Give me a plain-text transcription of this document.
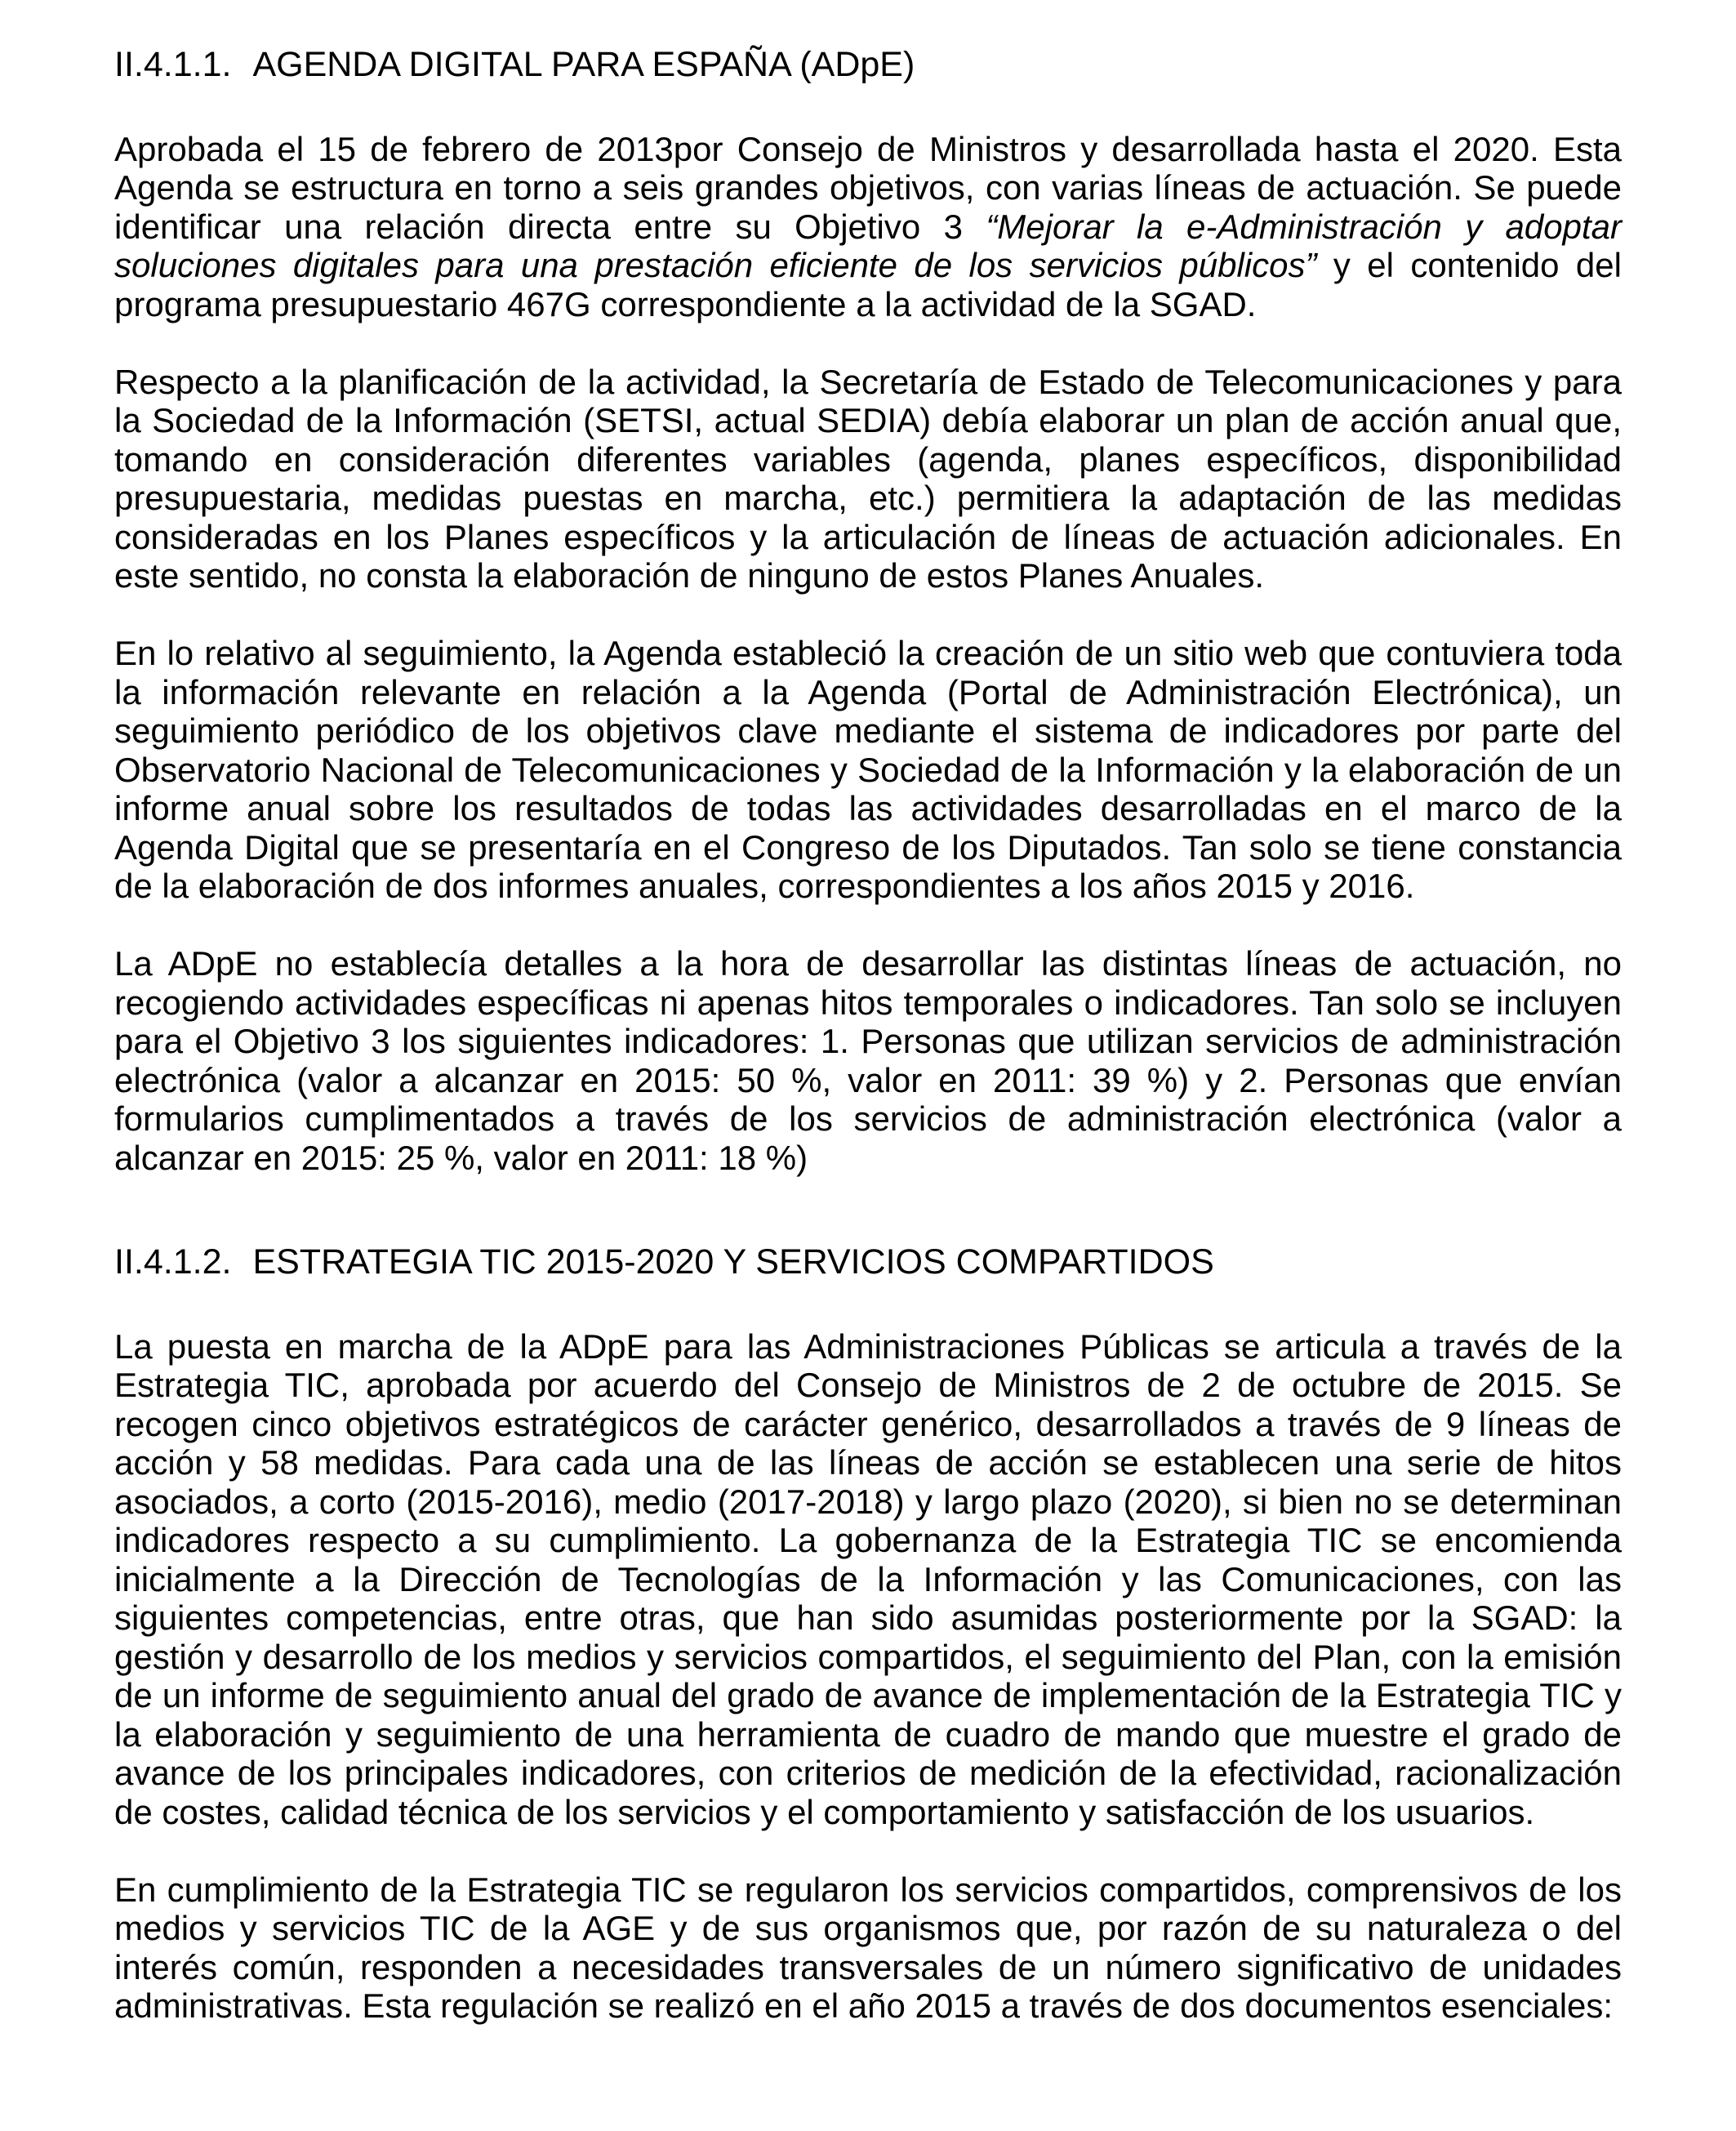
II.4.1.1. AGENDA DIGITAL PARA ESPAÑA (ADpE)

Aprobada el 15 de febrero de 2013por Consejo de Ministros y desarrollada hasta el 2020. Esta Agenda se estructura en torno a seis grandes objetivos, con varias líneas de actuación. Se puede identificar una relación directa entre su Objetivo 3 “Mejorar la e-Administración y adoptar soluciones digitales para una prestación eficiente de los servicios públicos” y el contenido del programa presupuestario 467G correspondiente a la actividad de la SGAD.

Respecto a la planificación de la actividad, la Secretaría de Estado de Telecomunicaciones y para la Sociedad de la Información (SETSI, actual SEDIA) debía elaborar un plan de acción anual que, tomando en consideración diferentes variables (agenda, planes específicos, disponibilidad presupuestaria, medidas puestas en marcha, etc.) permitiera la adaptación de las medidas consideradas en los Planes específicos y la articulación de líneas de actuación adicionales. En este sentido, no consta la elaboración de ninguno de estos Planes Anuales.

En lo relativo al seguimiento, la Agenda estableció la creación de un sitio web que contuviera toda la información relevante en relación a la Agenda (Portal de Administración Electrónica), un seguimiento periódico de los objetivos clave mediante el sistema de indicadores por parte del Observatorio Nacional de Telecomunicaciones y Sociedad de la Información y la elaboración de un informe anual sobre los resultados de todas las actividades desarrolladas en el marco de la Agenda Digital que se presentaría en el Congreso de los Diputados. Tan solo se tiene constancia de la elaboración de dos informes anuales, correspondientes a los años 2015 y 2016.

La ADpE no establecía detalles a la hora de desarrollar las distintas líneas de actuación, no recogiendo actividades específicas ni apenas hitos temporales o indicadores. Tan solo se incluyen para el Objetivo 3 los siguientes indicadores: 1. Personas que utilizan servicios de administración electrónica (valor a alcanzar en 2015: 50 %, valor en 2011: 39 %) y 2. Personas que envían formularios cumplimentados a través de los servicios de administración electrónica (valor a alcanzar en 2015: 25 %, valor en 2011: 18 %)

II.4.1.2. ESTRATEGIA TIC 2015-2020 Y SERVICIOS COMPARTIDOS

La puesta en marcha de la ADpE para las Administraciones Públicas se articula a través de la Estrategia TIC, aprobada por acuerdo del Consejo de Ministros de 2 de octubre de 2015. Se recogen cinco objetivos estratégicos de carácter genérico, desarrollados a través de 9 líneas de acción y 58 medidas. Para cada una de las líneas de acción se establecen una serie de hitos asociados, a corto (2015-2016), medio (2017-2018) y largo plazo (2020), si bien no se determinan indicadores respecto a su cumplimiento. La gobernanza de la Estrategia TIC se encomienda inicialmente a la Dirección de Tecnologías de la Información y las Comunicaciones, con las siguientes competencias, entre otras, que han sido asumidas posteriormente por la SGAD: la gestión y desarrollo de los medios y servicios compartidos, el seguimiento del Plan, con la emisión de un informe de seguimiento anual del grado de avance de implementación de la Estrategia TIC y la elaboración y seguimiento de una herramienta de cuadro de mando que muestre el grado de avance de los principales indicadores, con criterios de medición de la efectividad, racionalización de costes, calidad técnica de los servicios y el comportamiento y satisfacción de los usuarios.

En cumplimiento de la Estrategia TIC se regularon los servicios compartidos, comprensivos de los medios y servicios TIC de la AGE y de sus organismos que, por razón de su naturaleza o del interés común, responden a necesidades transversales de un número significativo de unidades administrativas. Esta regulación se realizó en el año 2015 a través de dos documentos esenciales:
